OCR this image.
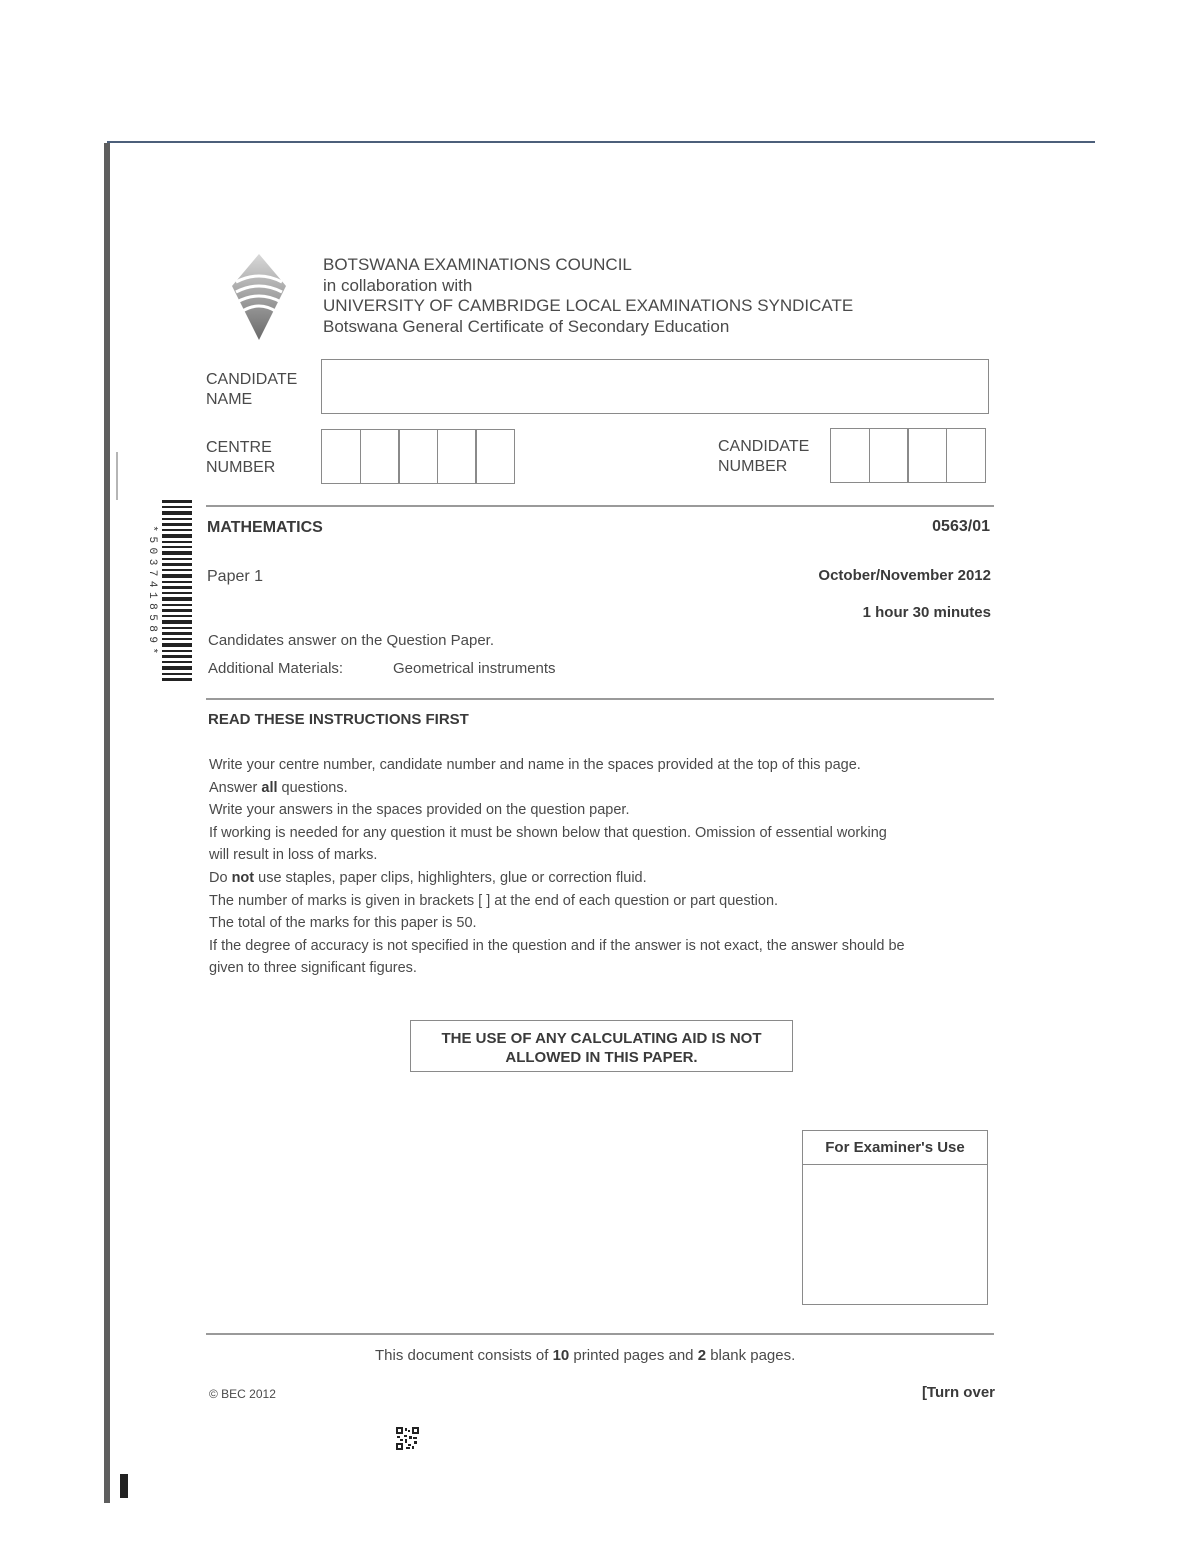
BOTSWANA EXAMINATIONS COUNCIL
in collaboration with
UNIVERSITY OF CAMBRIDGE LOCAL EXAMINATIONS SYNDICATE
Botswana General Certificate of Secondary Education
CANDIDATE
NAME
CENTRE
NUMBER
CANDIDATE
NUMBER
*5037418589*	MATHEMATICS	0563/01
Paper 1	October/November 2012
1 hour 30 minutes
Candidates answer on the Question Paper.
Additional Materials:	Geometrical instruments
READ THESE INSTRUCTIONS FIRST
Write your centre number, candidate number and name in the spaces provided at the top of this page.
Answer all questions.
Write your answers in the spaces provided on the question paper.
If working is needed for any question it must be shown below that question. Omission of essential working
will result in loss of marks.
Do not use staples, paper clips, highlighters, glue or correction fluid.
The number of marks is given in brackets [ ] at the end of each question or part question.
The total of the marks for this paper is 50.
If the degree of accuracy is not specified in the question and if the answer is not exact, the answer should be
given to three significant figures.
THE USE OF ANY CALCULATING AID IS NOT
ALLOWED IN THIS PAPER.
For Examiner's Use
This document consists of 10 printed pages and 2 blank pages.
© BEC 2012	[Turn over
